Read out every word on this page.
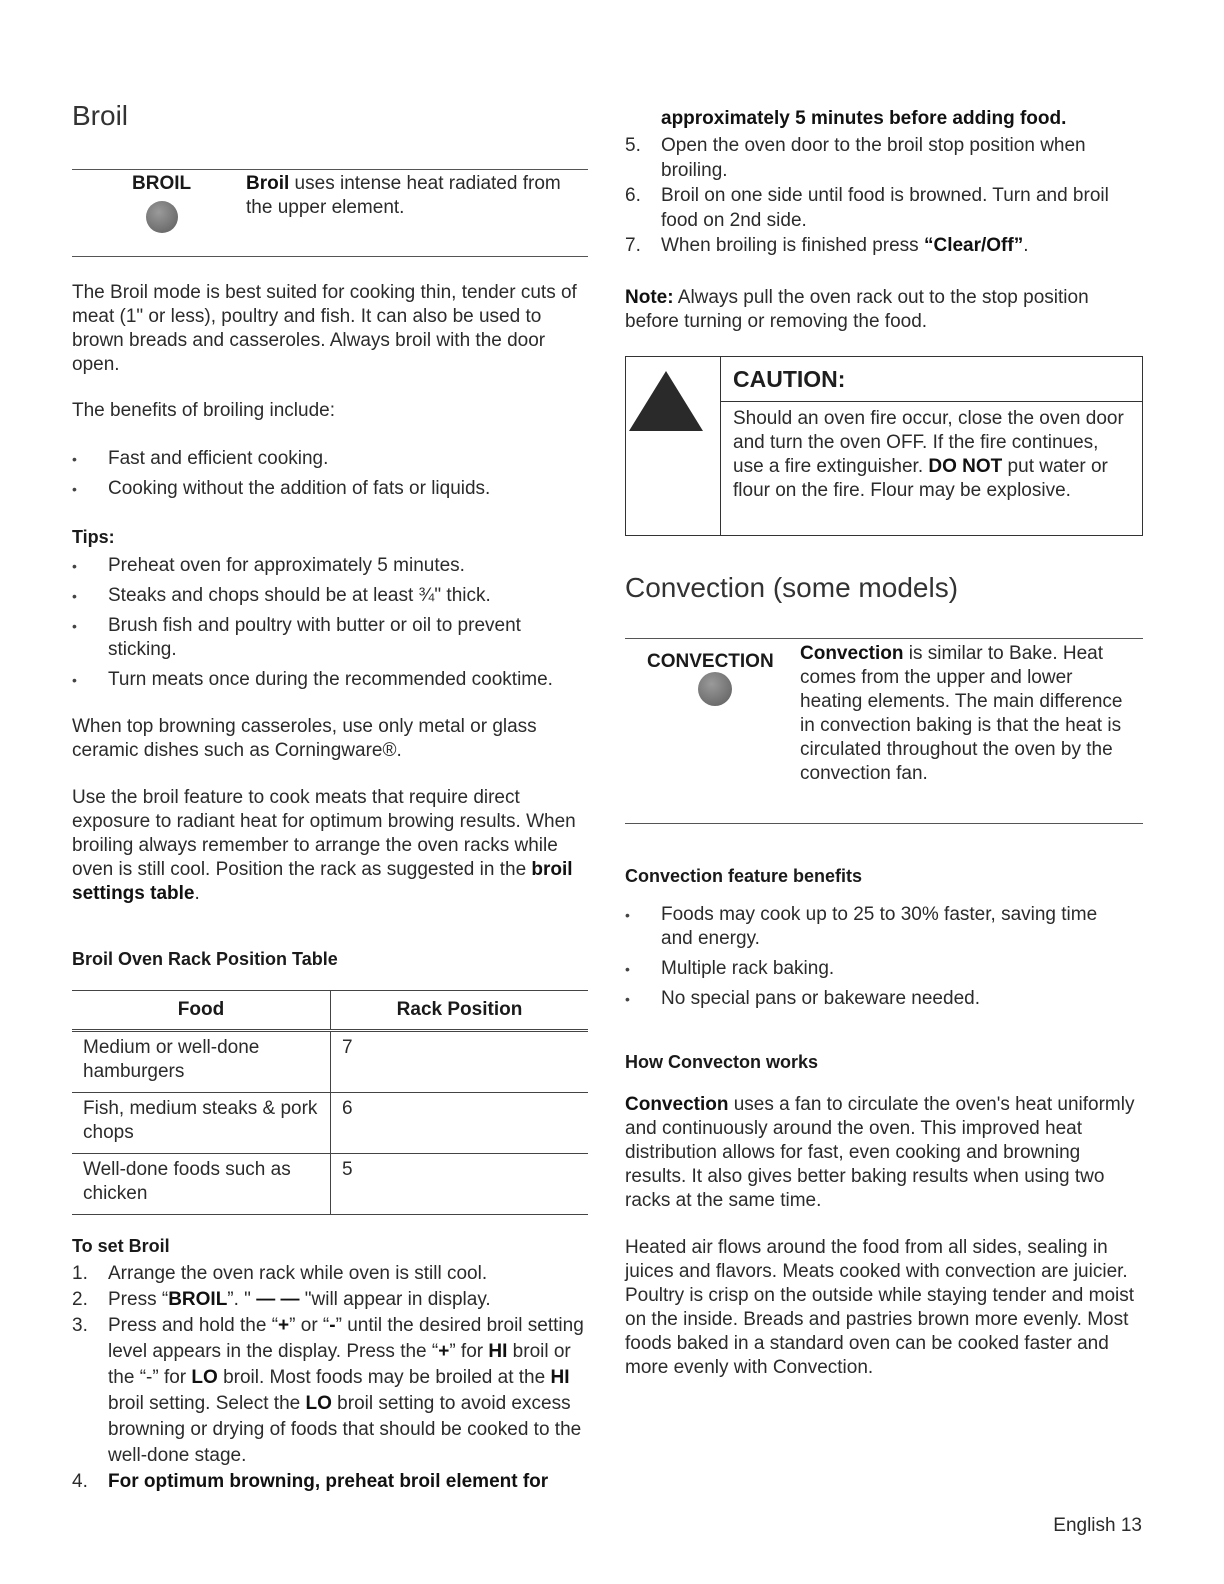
Broil
BROIL	Broil uses intense heat radiated from the upper element.

The Broil mode is best suited for cooking thin, tender cuts of meat (1" or less), poultry and fish. It can also be used to brown breads and casseroles. Always broil with the door open.

The benefits of broiling include:

• Fast and efficient cooking.
• Cooking without the addition of fats or liquids.

Tips:

• Preheat oven for approximately 5 minutes.
• Steaks and chops should be at least ¾" thick.
• Brush fish and poultry with butter or oil to prevent sticking.
• Turn meats once during the recommended cooktime.

When top browning casseroles, use only metal or glass ceramic dishes such as Corningware®.

Use the broil feature to cook meats that require direct exposure to radiant heat for optimum browing results. When broiling always remember to arrange the oven racks while oven is still cool. Position the rack as suggested in the broil settings table.

Broil Oven Rack Position Table

Food	Rack Position
Medium or well-done hamburgers	7
Fish, medium steaks & pork chops	6
Well-done foods such as chicken	5

To set Broil

1. Arrange the oven rack while oven is still cool.
2. Press “BROIL”. " — — "will appear in display.
3. Press and hold the “+” or “-” until the desired broil setting level appears in the display. Press the “+” for HI broil or the “-” for LO broil. Most foods may be broiled at the HI broil setting. Select the LO broil setting to avoid excess browning or drying of foods that should be cooked to the well-done stage.
4. For optimum browning, preheat broil element for

approximately 5 minutes before adding food.

5. Open the oven door to the broil stop position when broiling.
6. Broil on one side until food is browned. Turn and broil food on 2nd side.
7. When broiling is finished press “Clear/Off”.

Note: Always pull the oven rack out to the stop position before turning or removing the food.

CAUTION:

Should an oven fire occur, close the oven door and turn the oven OFF. If the fire continues, use a fire extinguisher. DO NOT put water or flour on the fire. Flour may be explosive.

Convection (some models)
CONVECTION Convection is similar to Bake. Heat comes from the upper and lower heating elements. The main difference in convection baking is that the heat is circulated throughout the oven by the convection fan.

Convection feature benefits

• Foods may cook up to 25 to 30% faster, saving time and energy.
• Multiple rack baking.
• No special pans or bakeware needed.

How Convecton works

Convection uses a fan to circulate the oven's heat uniformly and continuously around the oven. This improved heat distribution allows for fast, even cooking and browning results. It also gives better baking results when using two racks at the same time.

Heated air flows around the food from all sides, sealing in juices and flavors. Meats cooked with convection are juicier. Poultry is crisp on the outside while staying tender and moist on the inside. Breads and pastries brown more evenly. Most foods baked in a standard oven can be cooked faster and more evenly with Convection.

English 13
